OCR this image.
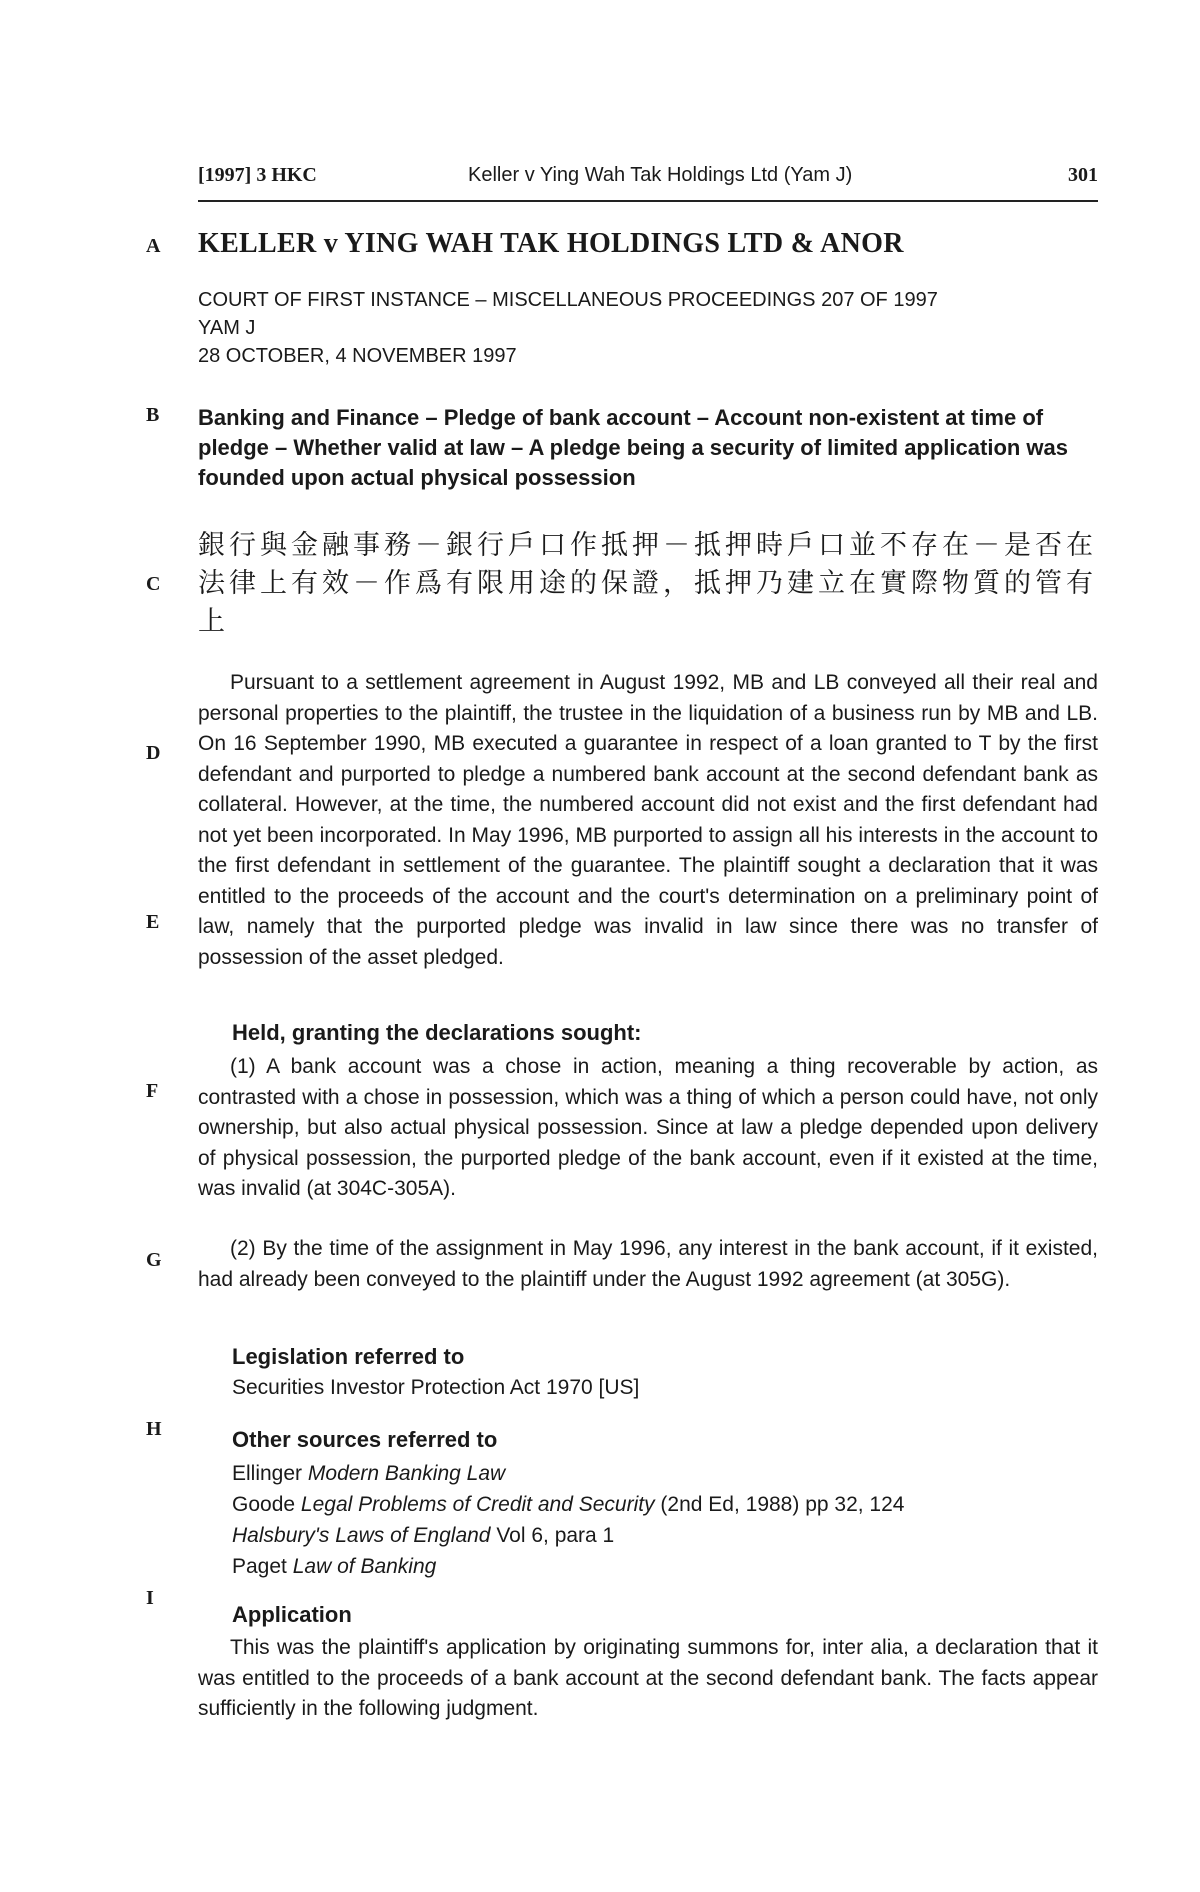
[1997] 3 HKC	Keller v Ying Wah Tak Holdings Ltd (Yam J)	301
A
B
C
D
E
F
G
H
I
KELLER v YING WAH TAK HOLDINGS LTD & ANOR
COURT OF FIRST INSTANCE – MISCELLANEOUS PROCEEDINGS 207 OF 1997
YAM J
28 OCTOBER, 4 NOVEMBER 1997
Banking and Finance – Pledge of bank account – Account non-existent at time of pledge – Whether valid at law – A pledge being a security of limited application was founded upon actual physical possession
銀行與金融事務－銀行戶口作抵押－抵押時戶口並不存在－是否在法律上有效－作爲有限用途的保證，抵押乃建立在實際物質的管有上
Pursuant to a settlement agreement in August 1992, MB and LB conveyed all their real and personal properties to the plaintiff, the trustee in the liquidation of a business run by MB and LB. On 16 September 1990, MB executed a guarantee in respect of a loan granted to T by the first defendant and purported to pledge a numbered bank account at the second defendant bank as collateral. However, at the time, the numbered account did not exist and the first defendant had not yet been incorporated. In May 1996, MB purported to assign all his interests in the account to the first defendant in settlement of the guarantee. The plaintiff sought a declaration that it was entitled to the proceeds of the account and the court's determination on a preliminary point of law, namely that the purported pledge was invalid in law since there was no transfer of possession of the asset pledged.
Held, granting the declarations sought:
(1) A bank account was a chose in action, meaning a thing recoverable by action, as contrasted with a chose in possession, which was a thing of which a person could have, not only ownership, but also actual physical possession. Since at law a pledge depended upon delivery of physical possession, the purported pledge of the bank account, even if it existed at the time, was invalid (at 304C-305A).
(2) By the time of the assignment in May 1996, any interest in the bank account, if it existed, had already been conveyed to the plaintiff under the August 1992 agreement (at 305G).
Legislation referred to
Securities Investor Protection Act 1970 [US]
Other sources referred to
Ellinger Modern Banking Law
Goode Legal Problems of Credit and Security (2nd Ed, 1988) pp 32, 124
Halsbury's Laws of England Vol 6, para 1
Paget Law of Banking
Application
This was the plaintiff's application by originating summons for, inter alia, a declaration that it was entitled to the proceeds of a bank account at the second defendant bank. The facts appear sufficiently in the following judgment.
